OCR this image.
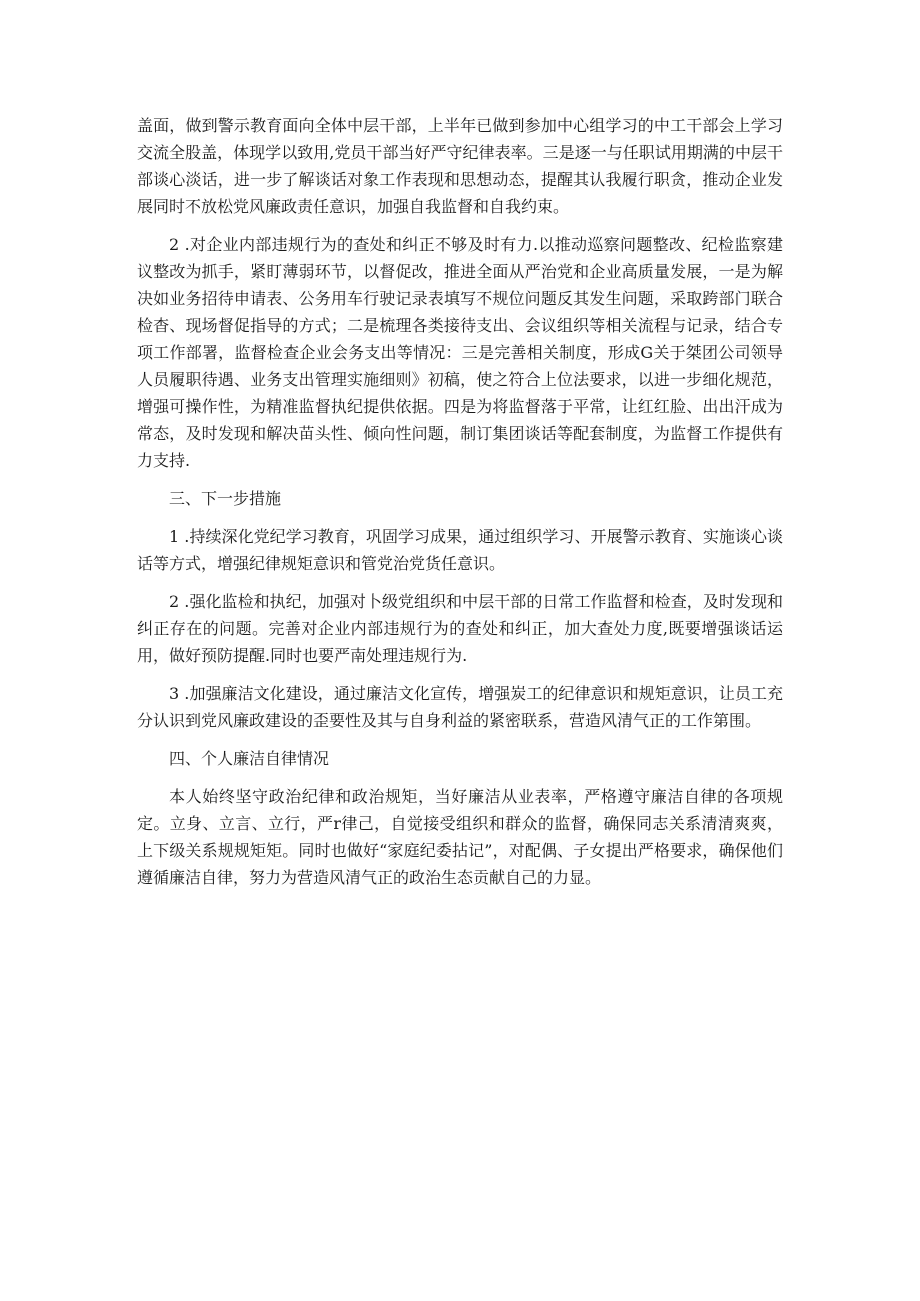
盖面，做到警示教育面向全体中层干部，上半年已做到参加中心组学习的中工干部会上学习交流全股盖，体现学以致用,党员干部当好严守纪律表率。三是逐一与任职试用期满的中层干部谈心淡话，进一步了解谈话对象工作表现和思想动态，提醒其认我履行职贪，推动企业发展同时不放松党风廉政责任意识，加强自我监督和自我约束。

2 .对企业内部违规行为的查处和纠正不够及时有力.以推动巡察问题整改、纪检监察建议整改为抓手，紧盯薄弱环节，以督促改，推进全面从严治党和企业高质量发展，一是为解决如业务招待申请表、公务用车行驶记录表填写不规位问题反其发生问题，采取跨部门联合检杳、现场督促指导的方式；二是梳理各类接待支出、会议组织等相关流程与记录，结合专项工作部署，监督检查企业会务支出等情况：三是完善相关制度，形成G关于桀团公司领导人员履职待遇、业务支出管理实施细则》初稿，使之符合上位法要求，以进一步细化规范，增强可操作性，为精准监督执纪提供依据。四是为将监督落于平常，让红红脸、出出汗成为常态，及时发现和解决苗头性、倾向性问题，制订集团谈话等配套制度，为监督工作提供有力支持.

三、下一步措施

1 .持续深化党纪学习教育，巩固学习成果，通过组织学习、开展警示教育、实施谈心谈话等方式，增强纪律规矩意识和管党治党货任意识。

2 .强化监检和执纪，加强对卜级党组织和中层干部的日常工作监督和检查，及时发现和纠正存在的问题。完善对企业内部违规行为的查处和纠正，加大查处力度,既要增强谈话运用，做好预防提醒.同时也要严南处理违规行为.

3 .加强廉洁文化建设，通过廉洁文化宣传，增强炭工的纪律意识和规矩意识，让员工充分认识到党风廉政建设的歪要性及其与自身利益的紧密联系，营造风清气正的工作第围。

四、个人廉洁自律情况

本人始终坚守政治纪律和政治规矩，当好廉洁从业表率，严格遵守廉洁自律的各项规定。立身、立言、立行，严r律己，自觉接受组织和群众的监督，确保同志关系清清爽爽，上下级关系规规矩矩。同时也做好“家庭纪委拈记”，对配偶、子女提出严格要求，确保他们遵循廉洁自律，努力为营造风清气正的政治生态贡献自己的力显。
